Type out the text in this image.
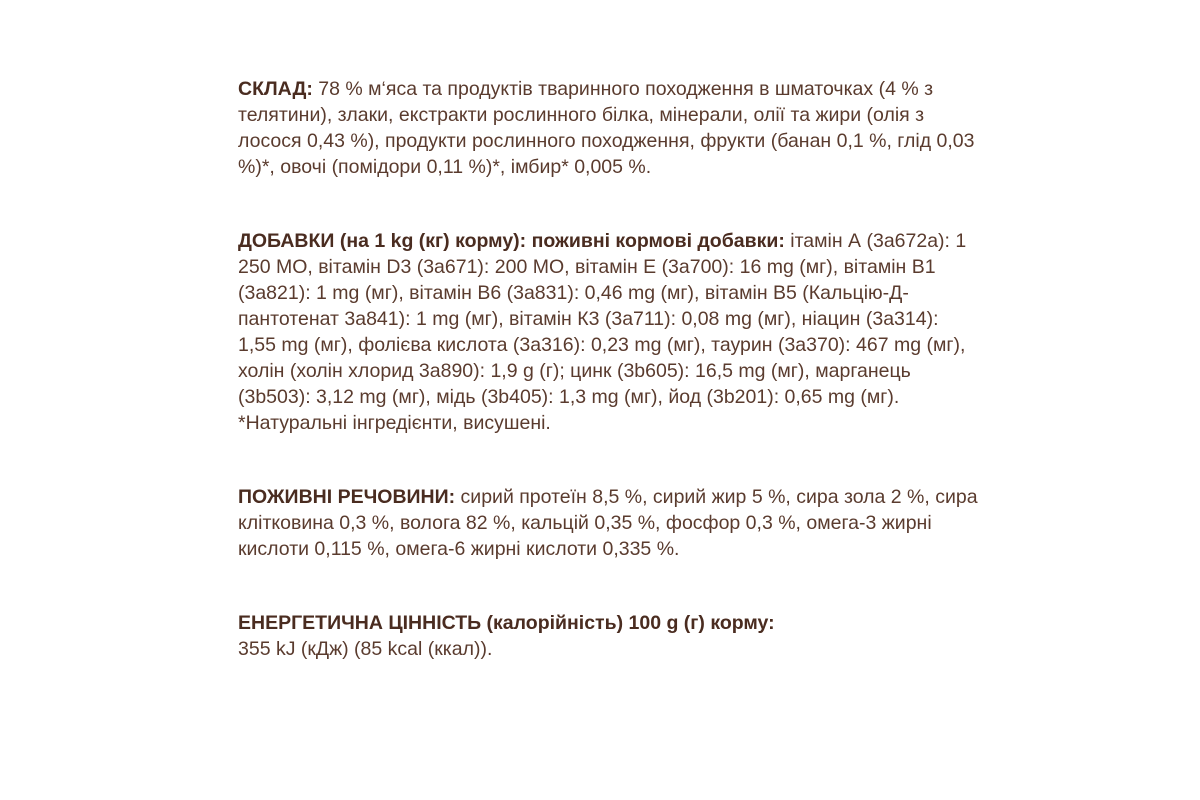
СКЛАД: 78 % м‘яса та продуктів тваринного походження в шматочках (4 % з телятини), злаки, екстракти рослинного білка, мінерали, олії та жири (олія з лосося 0,43 %), продукти рослинного походження, фрукти (банан 0,1 %, глід 0,03 %)*, овочі (помідори 0,11 %)*, імбир* 0,005 %.

ДОБАВКИ (на 1 kg (кг) корму): поживні кормові добавки: ітамін А (3а672а): 1 250 МО, вітамін D3 (3а671): 200 МО, вітамін Е (3а700): 16 mg (мг), вітамін В1 (3а821): 1 mg (мг), вітамін В6 (3а831): 0,46 mg (мг), вітамін В5 (Кальцію-Д-пантотенат 3а841): 1 mg (мг), вітамін К3 (3а711): 0,08 mg (мг), ніацин (3а314): 1,55 mg (мг), фолієва кислота (3а316): 0,23 mg (мг), таурин (3а370): 467 mg (мг), холін (холін хлорид 3а890): 1,9 g (г); цинк (3b605): 16,5 mg (мг), марганець (3b503): 3,12 mg (мг), мідь (3b405): 1,3 mg (мг), йод (3b201): 0,65 mg (мг). *Натуральні інгредієнти, висушені.

ПОЖИВНІ РЕЧОВИНИ: сирий протеїн 8,5 %, сирий жир 5 %, сира зола 2 %, сира клітковина 0,3 %, волога 82 %, кальцій 0,35 %, фосфор 0,3 %, омега-3 жирні кислоти 0,115 %, омега-6 жирні кислоти 0,335 %.

ЕНЕРГЕТИЧНА ЦІННІСТЬ (калорійність) 100 g (г) корму:
355 kJ (кДж) (85 kcal (ккал)).
